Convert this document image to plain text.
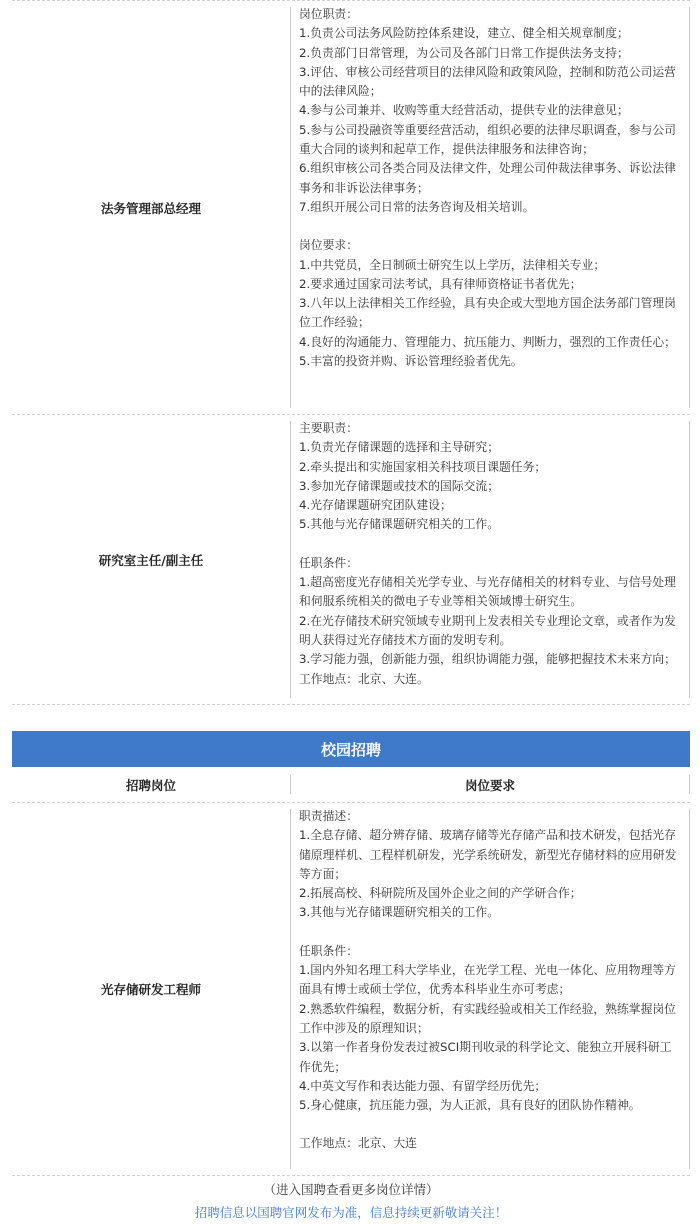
法务管理部总经理

岗位职责：

1.负责公司法务风险防控体系建设，建立、健全相关规章制度；

2.负责部门日常管理，为公司及各部门日常工作提供法务支持；

3.评估、审核公司经营项目的法律风险和政策风险，控制和防范公司运营中的法律风险；

4.参与公司兼并、收购等重大经营活动，提供专业的法律意见；

5.参与公司投融资等重要经营活动，组织必要的法律尽职调查，参与公司重大合同的谈判和起草工作，提供法律服务和法律咨询；

6.组织审核公司各类合同及法律文件，处理公司仲裁法律事务、诉讼法律事务和非诉讼法律事务；

7.组织开展公司日常的法务咨询及相关培训。

岗位要求：

1.中共党员，全日制硕士研究生以上学历，法律相关专业；

2.要求通过国家司法考试，具有律师资格证书者优先；

3.八年以上法律相关工作经验，具有央企或大型地方国企法务部门管理岗位工作经验；

4.良好的沟通能力、管理能力、抗压能力、判断力，强烈的工作责任心；

5.丰富的投资并购、诉讼管理经验者优先。

研究室主任/副主任

主要职责：

1.负责光存储课题的选择和主导研究；

2.牵头提出和实施国家相关科技项目课题任务；

3.参加光存储课题或技术的国际交流；

4.光存储课题研究团队建设；

5.其他与光存储课题研究相关的工作。

任职条件：

1.超高密度光存储相关光学专业、与光存储相关的材料专业、与信号处理和伺服系统相关的微电子专业等相关领域博士研究生。

2.在光存储技术研究领域专业期刊上发表相关专业理论文章，或者作为发明人获得过光存储技术方面的发明专利。

3.学习能力强，创新能力强，组织协调能力强，能够把握技术未来方向；工作地点：北京、大连。

校园招聘
招聘岗位	岗位要求
光存储研发工程师

职责描述：

1.全息存储、超分辨存储、玻璃存储等光存储产品和技术研发，包括光存储原理样机、工程样机研发，光学系统研发，新型光存储材料的应用研发等方面；

2.拓展高校、科研院所及国外企业之间的产学研合作；

3.其他与光存储课题研究相关的工作。

任职条件：

1.国内外知名理工科大学毕业，在光学工程、光电一体化、应用物理等方面具有博士或硕士学位，优秀本科毕业生亦可考虑；

2.熟悉软件编程，数据分析，有实践经验或相关工作经验，熟练掌握岗位工作中涉及的原理知识；

3.以第一作者身份发表过被SCI期刊收录的科学论文、能独立开展科研工作优先；

4.中英文写作和表达能力强、有留学经历优先；

5.身心健康，抗压能力强，为人正派，具有良好的团队协作精神。

工作地点：北京、大连

（进入国聘查看更多岗位详情）
招聘信息以国聘官网发布为准，信息持续更新敬请关注！
